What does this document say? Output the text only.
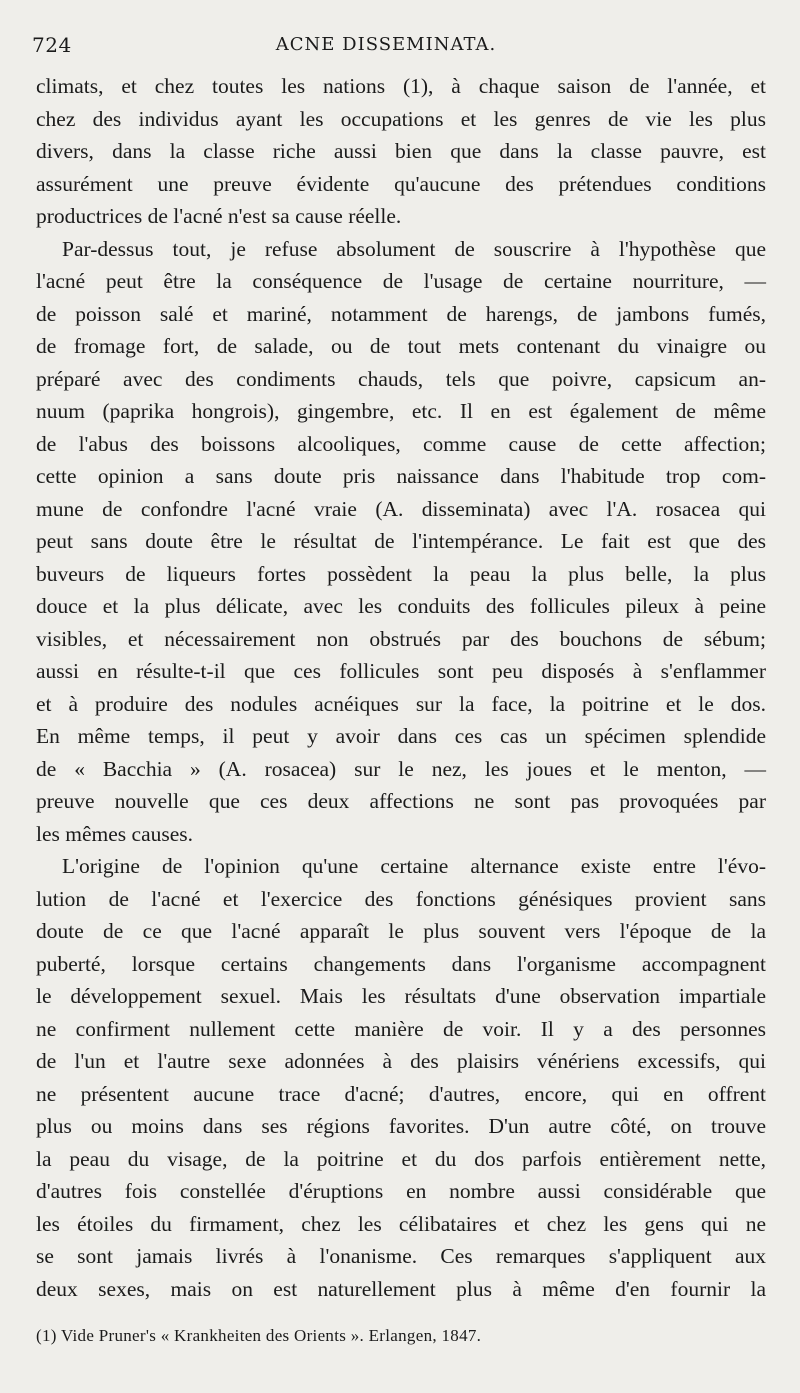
724	ACNE DISSEMINATA.
climats, et chez toutes les nations (1), à chaque saison de l'année, et
chez des individus ayant les occupations et les genres de vie les plus
divers, dans la classe riche aussi bien que dans la classe pauvre, est
assurément une preuve évidente qu'aucune des prétendues conditions
productrices de l'acné n'est sa cause réelle.
Par-dessus tout, je refuse absolument de souscrire à l'hypothèse que
l'acné peut être la conséquence de l'usage de certaine nourriture, —
de poisson salé et mariné, notamment de harengs, de jambons fumés,
de fromage fort, de salade, ou de tout mets contenant du vinaigre ou
préparé avec des condiments chauds, tels que poivre, capsicum an-
nuum (paprika hongrois), gingembre, etc. Il en est également de même
de l'abus des boissons alcooliques, comme cause de cette affection;
cette opinion a sans doute pris naissance dans l'habitude trop com-
mune de confondre l'acné vraie (A. disseminata) avec l'A. rosacea qui
peut sans doute être le résultat de l'intempérance. Le fait est que des
buveurs de liqueurs fortes possèdent la peau la plus belle, la plus
douce et la plus délicate, avec les conduits des follicules pileux à peine
visibles, et nécessairement non obstrués par des bouchons de sébum;
aussi en résulte-t-il que ces follicules sont peu disposés à s'enflammer
et à produire des nodules acnéiques sur la face, la poitrine et le dos.
En même temps, il peut y avoir dans ces cas un spécimen splendide
de « Bacchia » (A. rosacea) sur le nez, les joues et le menton, —
preuve nouvelle que ces deux affections ne sont pas provoquées par
les mêmes causes.
L'origine de l'opinion qu'une certaine alternance existe entre l'évo-
lution de l'acné et l'exercice des fonctions génésiques provient sans
doute de ce que l'acné apparaît le plus souvent vers l'époque de la
puberté, lorsque certains changements dans l'organisme accompagnent
le développement sexuel. Mais les résultats d'une observation impartiale
ne confirment nullement cette manière de voir. Il y a des personnes
de l'un et l'autre sexe adonnées à des plaisirs vénériens excessifs, qui
ne présentent aucune trace d'acné; d'autres, encore, qui en offrent
plus ou moins dans ses régions favorites. D'un autre côté, on trouve
la peau du visage, de la poitrine et du dos parfois entièrement nette,
d'autres fois constellée d'éruptions en nombre aussi considérable que
les étoiles du firmament, chez les célibataires et chez les gens qui ne
se sont jamais livrés à l'onanisme. Ces remarques s'appliquent aux
deux sexes, mais on est naturellement plus à même d'en fournir la
(1) Vide Pruner's « Krankheiten des Orients ». Erlangen, 1847.
